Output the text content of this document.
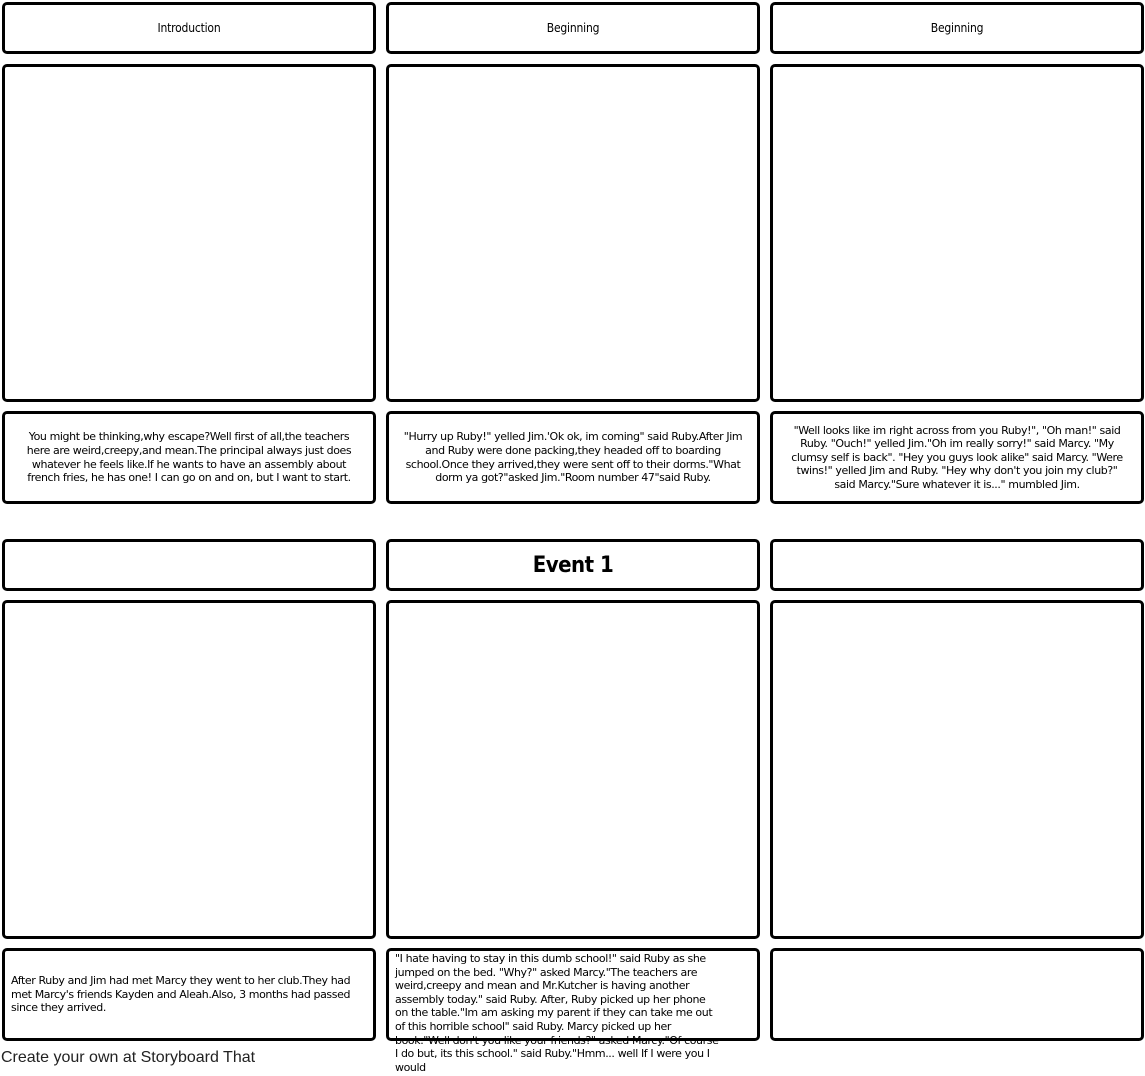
Introduction	Beginning	Beginning
You might be thinking,why escape?Well first of all,the teachers here are weird,creepy,and mean.The principal always just does whatever he feels like.If he wants to have an assembly about french fries, he has one! I can go on and on, but I want to start.
"Hurry up Ruby!" yelled Jim.'Ok ok, im coming" said Ruby.After Jim and Ruby were done packing,they headed off to boarding school.Once they arrived,they were sent off to their dorms."What dorm ya got?"asked Jim."Room number 47"said Ruby.
"Well looks like im right across from you Ruby!", "Oh man!" said Ruby. "Ouch!" yelled Jim."Oh im really sorry!" said Marcy. "My clumsy self is back". "Hey you guys look alike" said Marcy. "Were twins!" yelled Jim and Ruby. "Hey why don't you join my club?" said Marcy."Sure whatever it is..." mumbled Jim.
Event 1
After Ruby and Jim had met Marcy they went to her club.They had met Marcy's friends Kayden and Aleah.Also, 3 months had passed since they arrived.
"I hate having to stay in this dumb school!" said Ruby as she jumped on the bed. "Why?" asked Marcy."The teachers are weird,creepy and mean and Mr.Kutcher is having another assembly today." said Ruby. After, Ruby picked up her phone on the table."Im am asking my parent if they can take me out of this horrible school" said Ruby. Marcy picked up her book."Well don't you like your friends?" asked Marcy."Of course I do but, its this school." said Ruby."Hmm... well If I were you I would
Create your own at Storyboard That
